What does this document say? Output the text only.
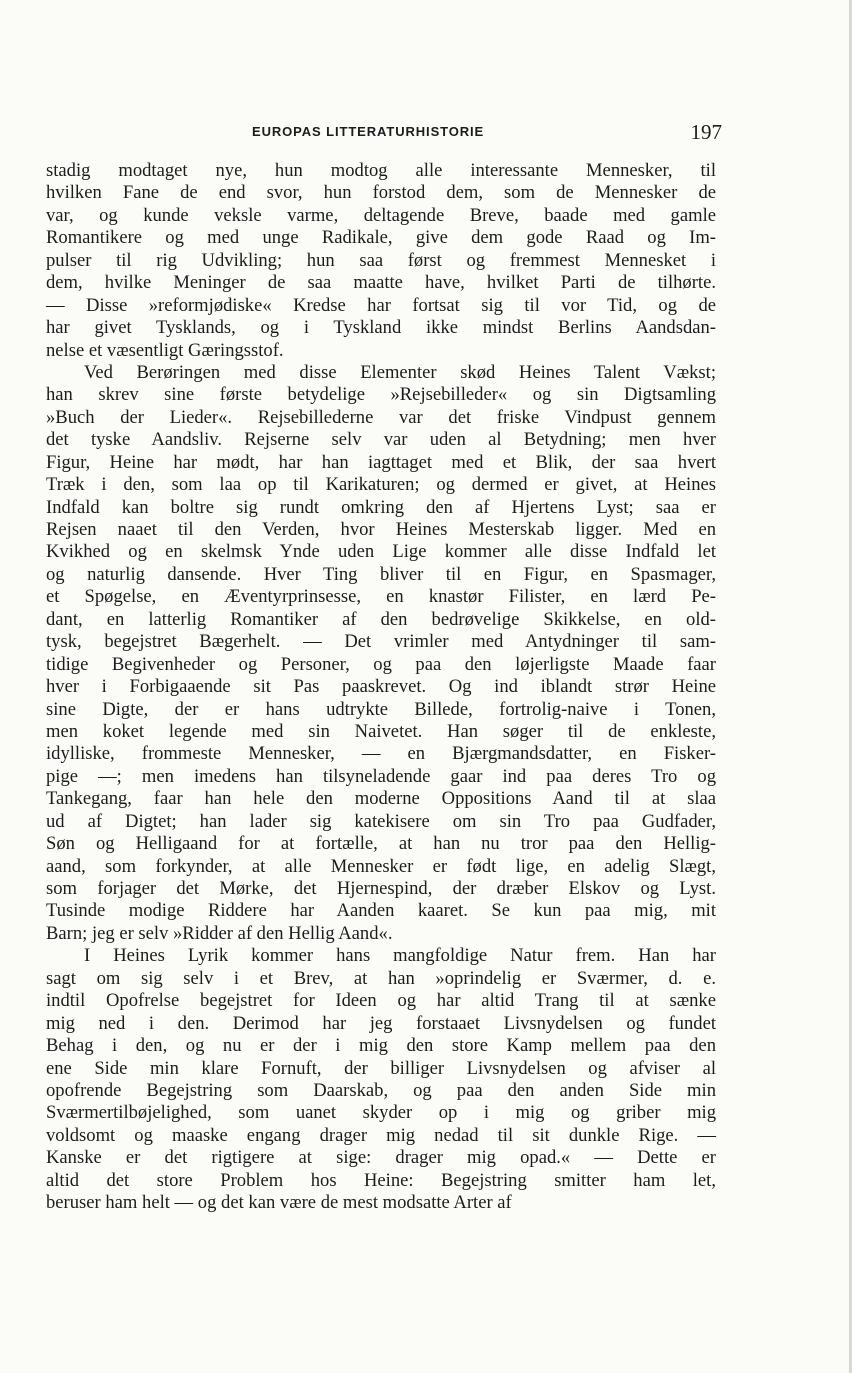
EUROPAS LITTERATURHISTORIE	197
stadig modtaget nye, hun modtog alle interessante Mennesker, til
hvilken Fane de end svor, hun forstod dem, som de Mennesker de
var, og kunde veksle varme, deltagende Breve, baade med gamle
Romantikere og med unge Radikale, give dem gode Raad og Im-
pulser til rig Udvikling; hun saa først og fremmest Mennesket i
dem, hvilke Meninger de saa maatte have, hvilket Parti de tilhørte.
— Disse »reformjødiske« Kredse har fortsat sig til vor Tid, og de
har givet Tysklands, og i Tyskland ikke mindst Berlins Aandsdan-
nelse et væsentligt Gæringsstof.
Ved Berøringen med disse Elementer skød Heines Talent Vækst;
han skrev sine første betydelige »Rejsebilleder« og sin Digtsamling
»Buch der Lieder«. Rejsebillederne var det friske Vindpust gennem
det tyske Aandsliv. Rejserne selv var uden al Betydning; men hver
Figur, Heine har mødt, har han iagttaget med et Blik, der saa hvert
Træk i den, som laa op til Karikaturen; og dermed er givet, at Heines
Indfald kan boltre sig rundt omkring den af Hjertens Lyst; saa er
Rejsen naaet til den Verden, hvor Heines Mesterskab ligger. Med en
Kvikhed og en skelmsk Ynde uden Lige kommer alle disse Indfald let
og naturlig dansende. Hver Ting bliver til en Figur, en Spasmager,
et Spøgelse, en Æventyrprinsesse, en knastør Filister, en lærd Pe-
dant, en latterlig Romantiker af den bedrøvelige Skikkelse, en old-
tysk, begejstret Bægerhelt. — Det vrimler med Antydninger til sam-
tidige Begivenheder og Personer, og paa den løjerligste Maade faar
hver i Forbigaaende sit Pas paaskrevet. Og ind iblandt strør Heine
sine Digte, der er hans udtrykte Billede, fortrolig-naive i Tonen,
men koket legende med sin Naivetet. Han søger til de enkleste,
idylliske, frommeste Mennesker, — en Bjærgmandsdatter, en Fisker-
pige —; men imedens han tilsyneladende gaar ind paa deres Tro og
Tankegang, faar han hele den moderne Oppositions Aand til at slaa
ud af Digtet; han lader sig katekisere om sin Tro paa Gudfader,
Søn og Helligaand for at fortælle, at han nu tror paa den Hellig-
aand, som forkynder, at alle Mennesker er født lige, en adelig Slægt,
som forjager det Mørke, det Hjernespind, der dræber Elskov og Lyst.
Tusinde modige Riddere har Aanden kaaret. Se kun paa mig, mit
Barn; jeg er selv »Ridder af den Hellig Aand«.
I Heines Lyrik kommer hans mangfoldige Natur frem. Han har
sagt om sig selv i et Brev, at han »oprindelig er Sværmer, d. e.
indtil Opofrelse begejstret for Ideen og har altid Trang til at sænke
mig ned i den. Derimod har jeg forstaaet Livsnydelsen og fundet
Behag i den, og nu er der i mig den store Kamp mellem paa den
ene Side min klare Fornuft, der billiger Livsnydelsen og afviser al
opofrende Begejstring som Daarskab, og paa den anden Side min
Sværmertilbøjelighed, som uanet skyder op i mig og griber mig
voldsomt og maaske engang drager mig nedad til sit dunkle Rige. —
Kanske er det rigtigere at sige: drager mig opad.« — Dette er
altid det store Problem hos Heine: Begejstring smitter ham let,
beruser ham helt — og det kan være de mest modsatte Arter af
